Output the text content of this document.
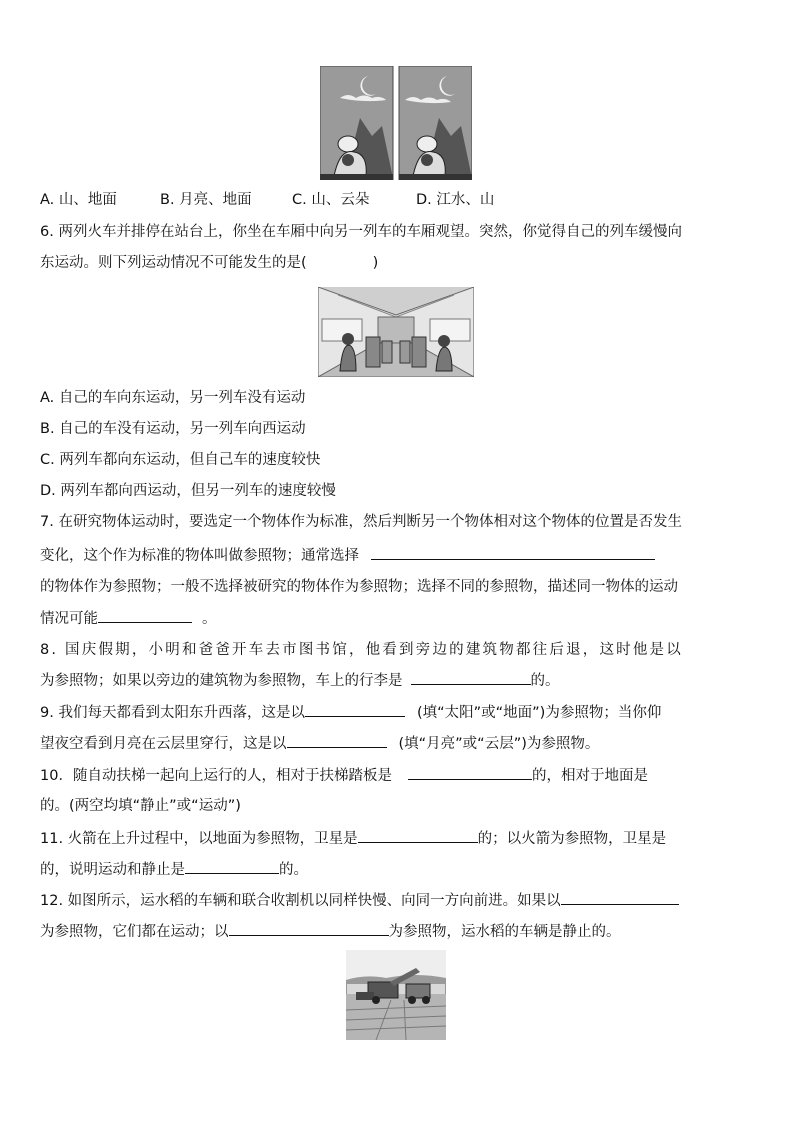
A. 山、地面	B. 月亮、地面	C. 山、云朵	D. 江水、山
6. 两列火车并排停在站台上，你坐在车厢中向另一列车的车厢观望。突然，你觉得自己的列车缓慢向
东运动。则下列运动情况不可能发生的是(	)
A. 自己的车向东运动，另一列车没有运动
B. 自己的车没有运动，另一列车向西运动
C. 两列车都向东运动，但自己车的速度较快
D. 两列车都向西运动，但另一列车的速度较慢
7. 在研究物体运动时，要选定一个物体作为标准，然后判断另一个物体相对这个物体的位置是否发生
变化，这个作为标准的物体叫做参照物；通常选择
的物体作为参照物；一般不选择被研究的物体作为参照物；选择不同的参照物，描述同一物体的运动
情况可能	。
8. 国庆假期，小明和爸爸开车去市图书馆，他看到旁边的建筑物都往后退，这时他是以
为参照物；如果以旁边的建筑物为参照物，车上的行李是	的。
9. 我们每天都看到太阳东升西落，这是以	(填“太阳”或“地面”)为参照物；当你仰
望夜空看到月亮在云层里穿行，这是以	(填“月亮”或“云层”)为参照物。
10．随自动扶梯一起向上运行的人，相对于扶梯踏板是	的，相对于地面是
的。(两空均填“静止”或“运动”)
11. 火箭在上升过程中，以地面为参照物，卫星是	的；以火箭为参照物，卫星是
的，说明运动和静止是	的。
12. 如图所示，运水稻的车辆和联合收割机以同样快慢、向同一方向前进。如果以
为参照物，它们都在运动；以	为参照物，运水稻的车辆是静止的。
